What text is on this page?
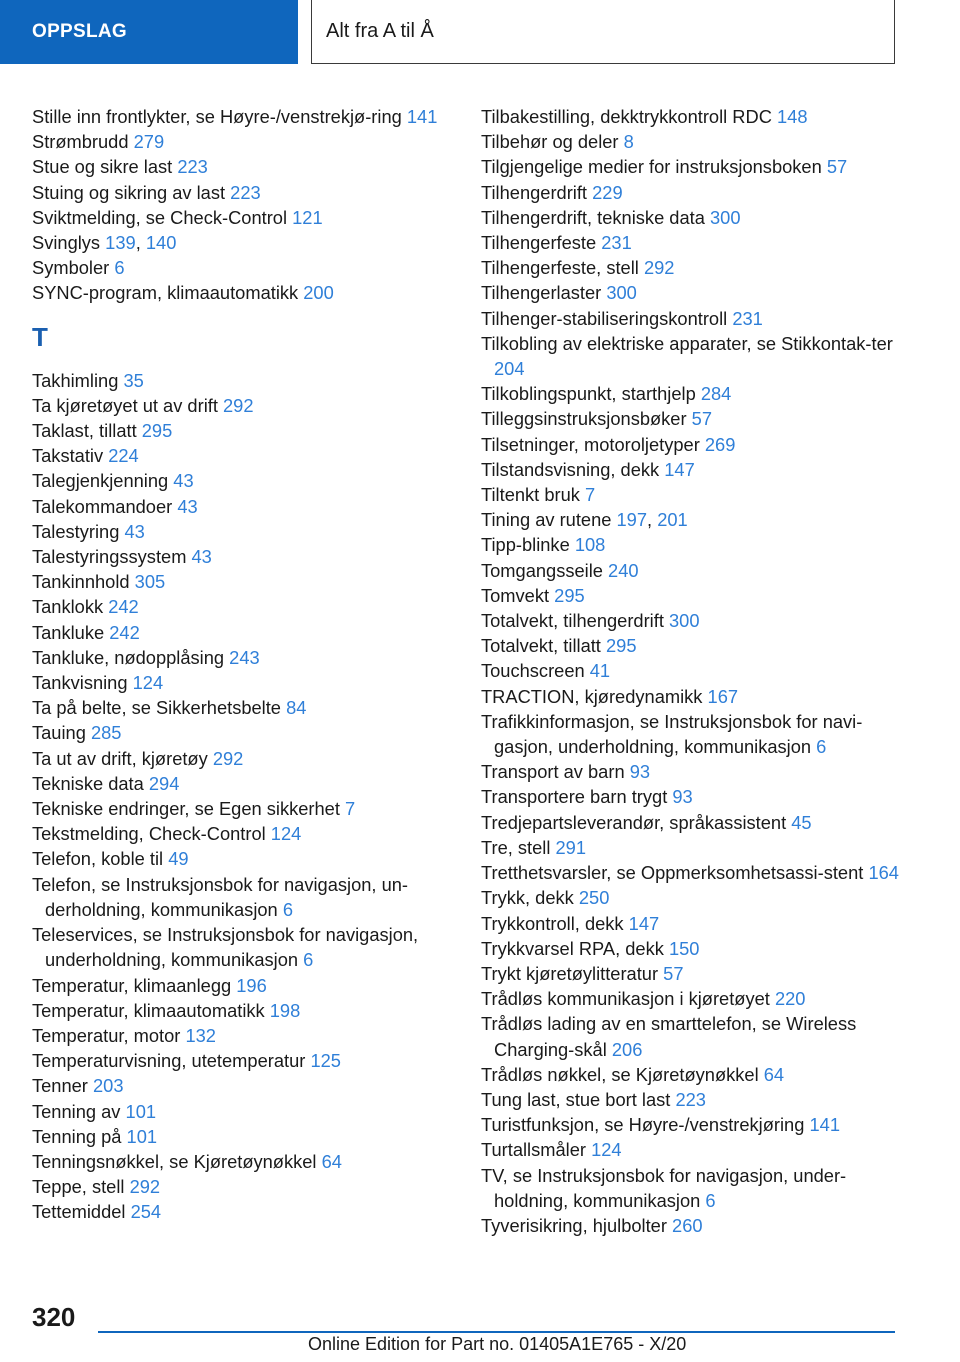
OPPSLAG	Alt fra A til Å
Stille inn frontlykter, se Høyre-/venstrekjø-ring 141
Strømbrudd 279
Stue og sikre last 223
Stuing og sikring av last 223
Sviktmelding, se Check-Control 121
Svinglys 139, 140
Symboler 6
SYNC-program, klimaautomatikk 200
T
Takhimling 35
Ta kjøretøyet ut av drift 292
Taklast, tillatt 295
Takstativ 224
Talegjenkjenning 43
Talekommandoer 43
Talestyring 43
Talestyringssystem 43
Tankinnhold 305
Tanklokk 242
Tankluke 242
Tankluke, nødopplåsing 243
Tankvisning 124
Ta på belte, se Sikkerhetsbelte 84
Tauing 285
Ta ut av drift, kjøretøy 292
Tekniske data 294
Tekniske endringer, se Egen sikkerhet 7
Tekstmelding, Check-Control 124
Telefon, koble til 49
Telefon, se Instruksjonsbok for navigasjon, un-derholdning, kommunikasjon 6
Teleservices, se Instruksjonsbok for navigasjon, underholdning, kommunikasjon 6
Temperatur, klimaanlegg 196
Temperatur, klimaautomatikk 198
Temperatur, motor 132
Temperaturvisning, utetemperatur 125
Tenner 203
Tenning av 101
Tenning på 101
Tenningsnøkkel, se Kjøretøynøkkel 64
Teppe, stell 292
Tettemiddel 254
Tilbakestilling, dekktrykkontroll RDC 148
Tilbehør og deler 8
Tilgjengelige medier for instruksjonsboken 57
Tilhengerdrift 229
Tilhengerdrift, tekniske data 300
Tilhengerfeste 231
Tilhengerfeste, stell 292
Tilhengerlaster 300
Tilhenger-stabiliseringskontroll 231
Tilkobling av elektriske apparater, se Stikkontak-ter 204
Tilkoblingspunkt, starthjelp 284
Tilleggsinstruksjonsbøker 57
Tilsetninger, motoroljetyper 269
Tilstandsvisning, dekk 147
Tiltenkt bruk 7
Tining av rutene 197, 201
Tipp-blinke 108
Tomgangsseile 240
Tomvekt 295
Totalvekt, tilhengerdrift 300
Totalvekt, tillatt 295
Touchscreen 41
TRACTION, kjøredynamikk 167
Trafikkinformasjon, se Instruksjonsbok for navi-gasjon, underholdning, kommunikasjon 6
Transport av barn 93
Transportere barn trygt 93
Tredjepartsleverandør, språkassistent 45
Tre, stell 291
Tretthetsvarsler, se Oppmerksomhetsassi-stent 164
Trykk, dekk 250
Trykkontroll, dekk 147
Trykkvarsel RPA, dekk 150
Trykt kjøretøylitteratur 57
Trådløs kommunikasjon i kjøretøyet 220
Trådløs lading av en smarttelefon, se Wireless Charging-skål 206
Trådløs nøkkel, se Kjøretøynøkkel 64
Tung last, stue bort last 223
Turistfunksjon, se Høyre-/venstrekjøring 141
Turtallsmåler 124
TV, se Instruksjonsbok for navigasjon, under-holdning, kommunikasjon 6
Tyverisikring, hjulbolter 260
320
Online Edition for Part no. 01405A1E765 - X/20
